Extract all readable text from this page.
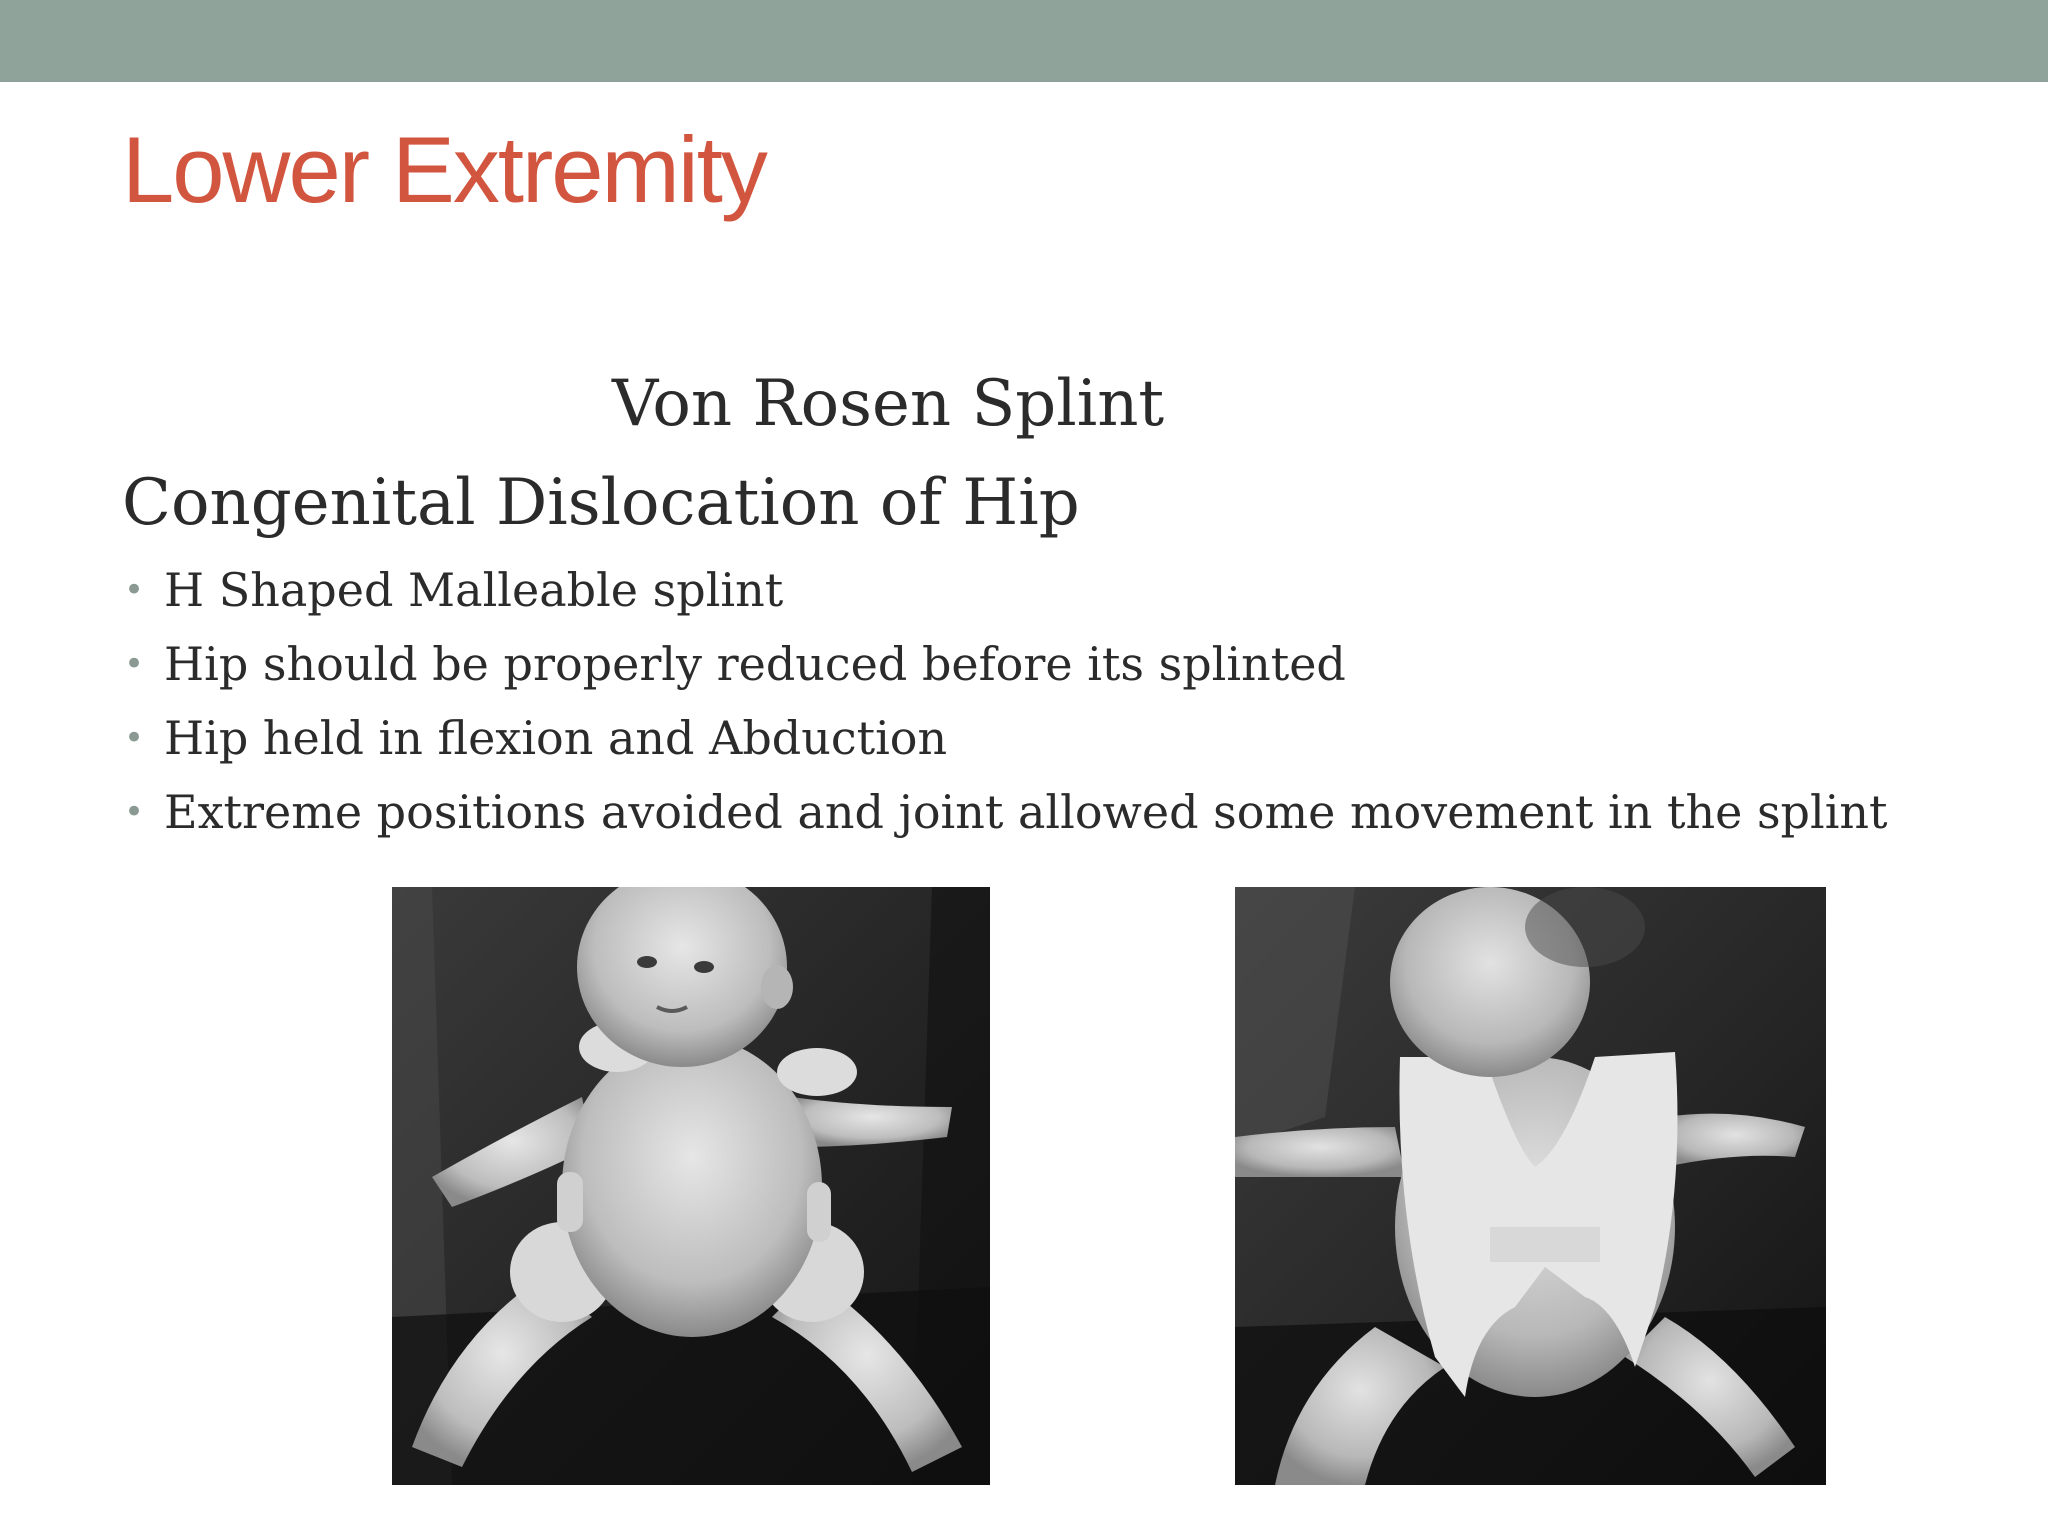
Lower Extremity
Von Rosen Splint
Congenital Dislocation of Hip
• H Shaped Malleable splint
• Hip should be properly reduced before its splinted
• Hip held in flexion and Abduction
• Extreme positions avoided and joint allowed some movement in the splint
